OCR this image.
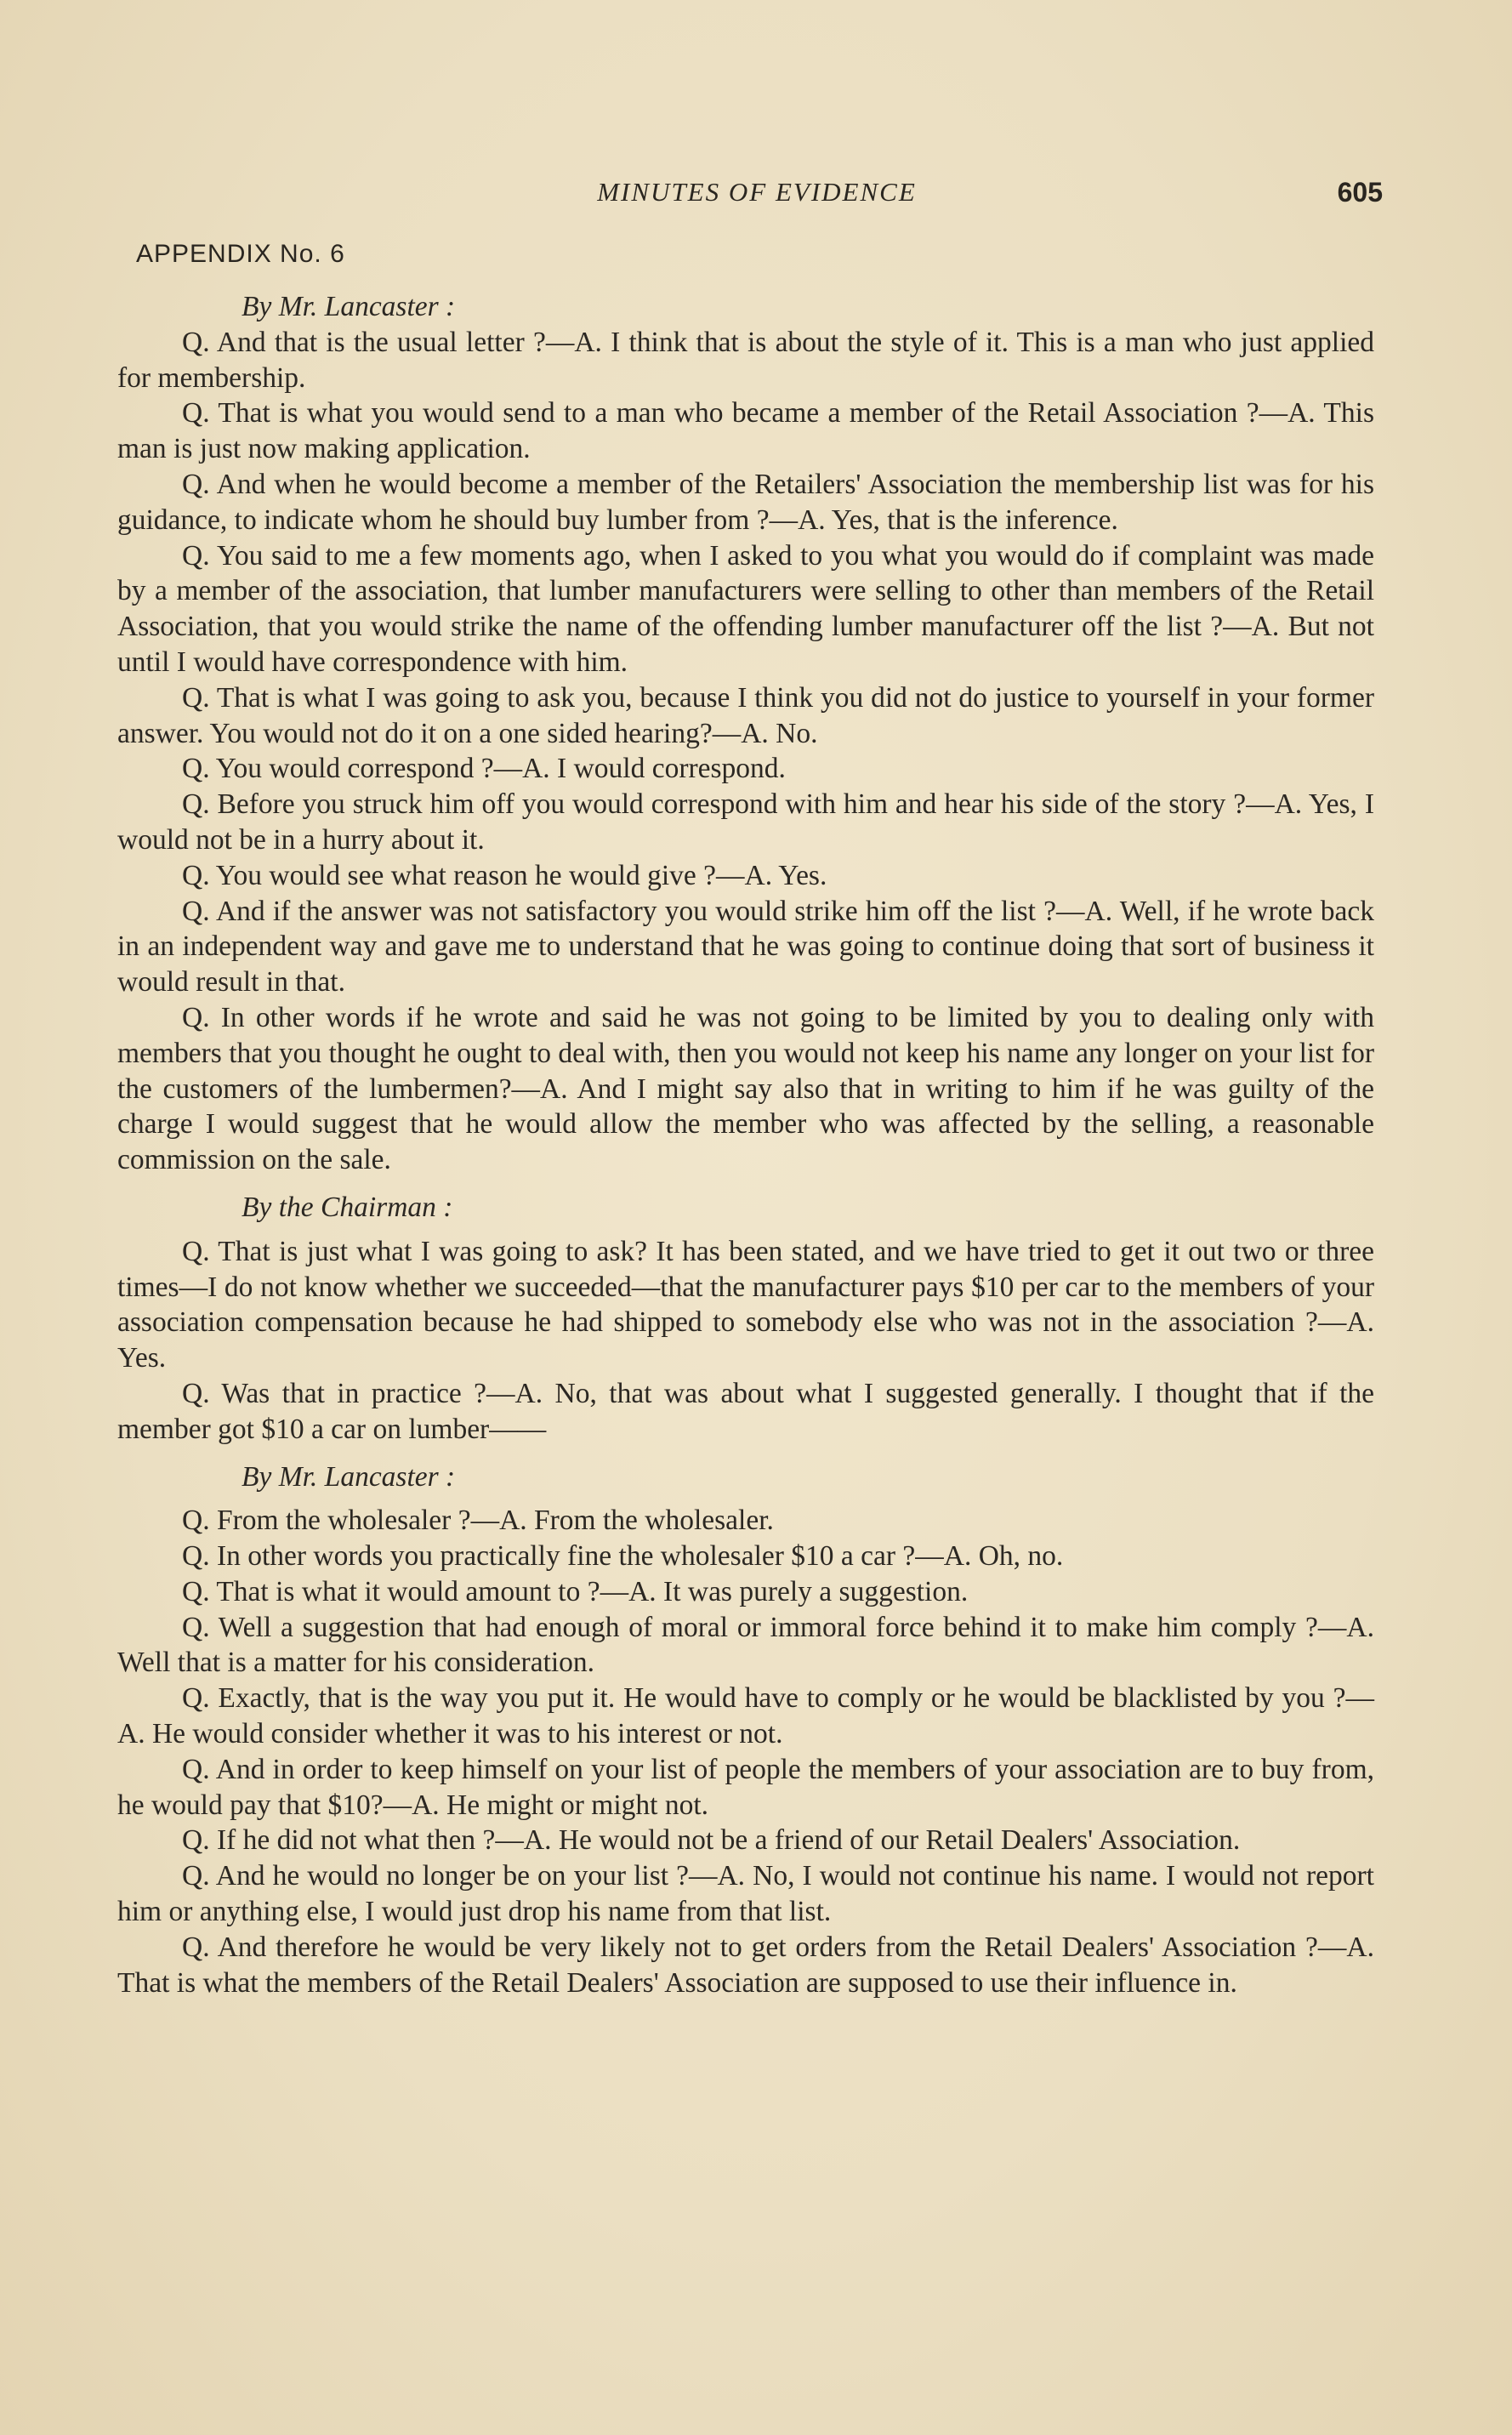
MINUTES OF EVIDENCE	605
APPENDIX No. 6

By Mr. Lancaster :

Q. And that is the usual letter ?—A. I think that is about the style of it. This is a man who just applied for membership.

Q. That is what you would send to a man who became a member of the Retail Association ?—A. This man is just now making application.

Q. And when he would become a member of the Retailers' Association the membership list was for his guidance, to indicate whom he should buy lumber from ?—A. Yes, that is the inference.

Q. You said to me a few moments ago, when I asked to you what you would do if complaint was made by a member of the association, that lumber manufacturers were selling to other than members of the Retail Association, that you would strike the name of the offending lumber manufacturer off the list ?—A. But not until I would have correspondence with him.

Q. That is what I was going to ask you, because I think you did not do justice to yourself in your former answer. You would not do it on a one sided hearing?—A. No.

Q. You would correspond ?—A. I would correspond.

Q. Before you struck him off you would correspond with him and hear his side of the story ?—A. Yes, I would not be in a hurry about it.

Q. You would see what reason he would give ?—A. Yes.

Q. And if the answer was not satisfactory you would strike him off the list ?—A. Well, if he wrote back in an independent way and gave me to understand that he was going to continue doing that sort of business it would result in that.

Q. In other words if he wrote and said he was not going to be limited by you to dealing only with members that you thought he ought to deal with, then you would not keep his name any longer on your list for the customers of the lumbermen?—A. And I might say also that in writing to him if he was guilty of the charge I would suggest that he would allow the member who was affected by the selling, a reasonable commission on the sale.

By the Chairman :

Q. That is just what I was going to ask? It has been stated, and we have tried to get it out two or three times—I do not know whether we succeeded—that the manufacturer pays $10 per car to the members of your association compensation because he had shipped to somebody else who was not in the association ?—A. Yes.

Q. Was that in practice ?—A. No, that was about what I suggested generally. I thought that if the member got $10 a car on lumber——

By Mr. Lancaster :

Q. From the wholesaler ?—A. From the wholesaler.

Q. In other words you practically fine the wholesaler $10 a car ?—A. Oh, no.

Q. That is what it would amount to ?—A. It was purely a suggestion.

Q. Well a suggestion that had enough of moral or immoral force behind it to make him comply ?—A. Well that is a matter for his consideration.

Q. Exactly, that is the way you put it. He would have to comply or he would be blacklisted by you ?—A. He would consider whether it was to his interest or not.

Q. And in order to keep himself on your list of people the members of your association are to buy from, he would pay that $10?—A. He might or might not.

Q. If he did not what then ?—A. He would not be a friend of our Retail Dealers' Association.

Q. And he would no longer be on your list ?—A. No, I would not continue his name. I would not report him or anything else, I would just drop his name from that list.

Q. And therefore he would be very likely not to get orders from the Retail Dealers' Association ?—A. That is what the members of the Retail Dealers' Association are supposed to use their influence in.
